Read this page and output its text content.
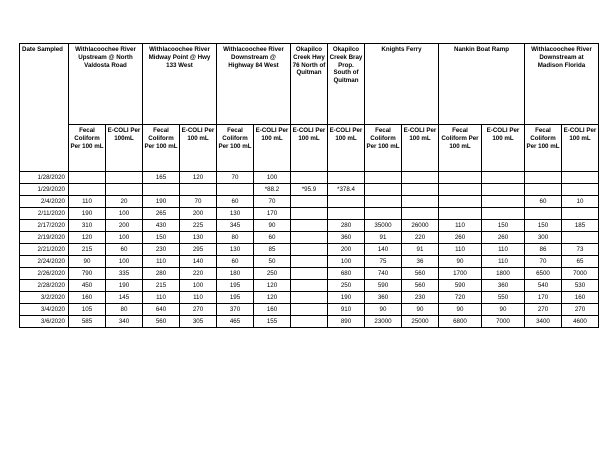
Date Sampled	Withlacoochee River Upstream @ North Valdosta Road		Withlacoochee River Midway Point @ Hwy 133 West		Withlacoochee River Downstream @ Highway 84 West		Okapilco Creek Hwy 76 North of Quitman	Okapilco Creek Bray Prop. South of Quitman	Knights Ferry		Nankin Boat Ramp		Withlacoochee River Downstream at Madison Florida	
	Fecal Coliform Per 100 mL	E-COLI Per 100mL	Fecal Coliform Per 100 mL	E-COLI Per 100 mL	Fecal Coliform Per 100 mL	E-COLI Per 100 mL	E-COLI Per 100 mL	E-COLI Per 100 mL	Fecal Coliform Per 100 mL	E-COLI Per 100 mL	Fecal Coliform Per 100 mL	E-COLI Per 100 mL	Fecal Coliform Per 100 mL	E-COLI Per 100 mL
1/28/2020			165	120	70	100								
1/29/2020						*88.2	*95.9	*378.4						
2/4/2020	110	20	190	70	60	70							60	10
2/11/2020	190	100	265	200	130	170								
2/17/2020	310	200	430	225	345	90		280	35000	26000	110	150	150	185
2/19/2020	120	100	150	130	80	60		360	91	220	260	260	300	
2/21/2020	215	60	230	295	130	85		200	140	91	110	110	86	73
2/24/2020	90	100	110	140	60	50		100	75	36	90	110	70	65
2/26/2020	790	335	280	220	180	250		680	740	560	1700	1800	6500	7000
2/28/2020	450	190	215	100	195	120		250	590	560	590	360	540	530
3/2/2020	160	145	110	110	195	120		190	360	230	720	550	170	160
3/4/2020	105	80	640	270	370	160		910	90	90	90	90	270	270
3/6/2020	585	340	560	305	465	155		890	23000	25000	6800	7000	3400	4600
